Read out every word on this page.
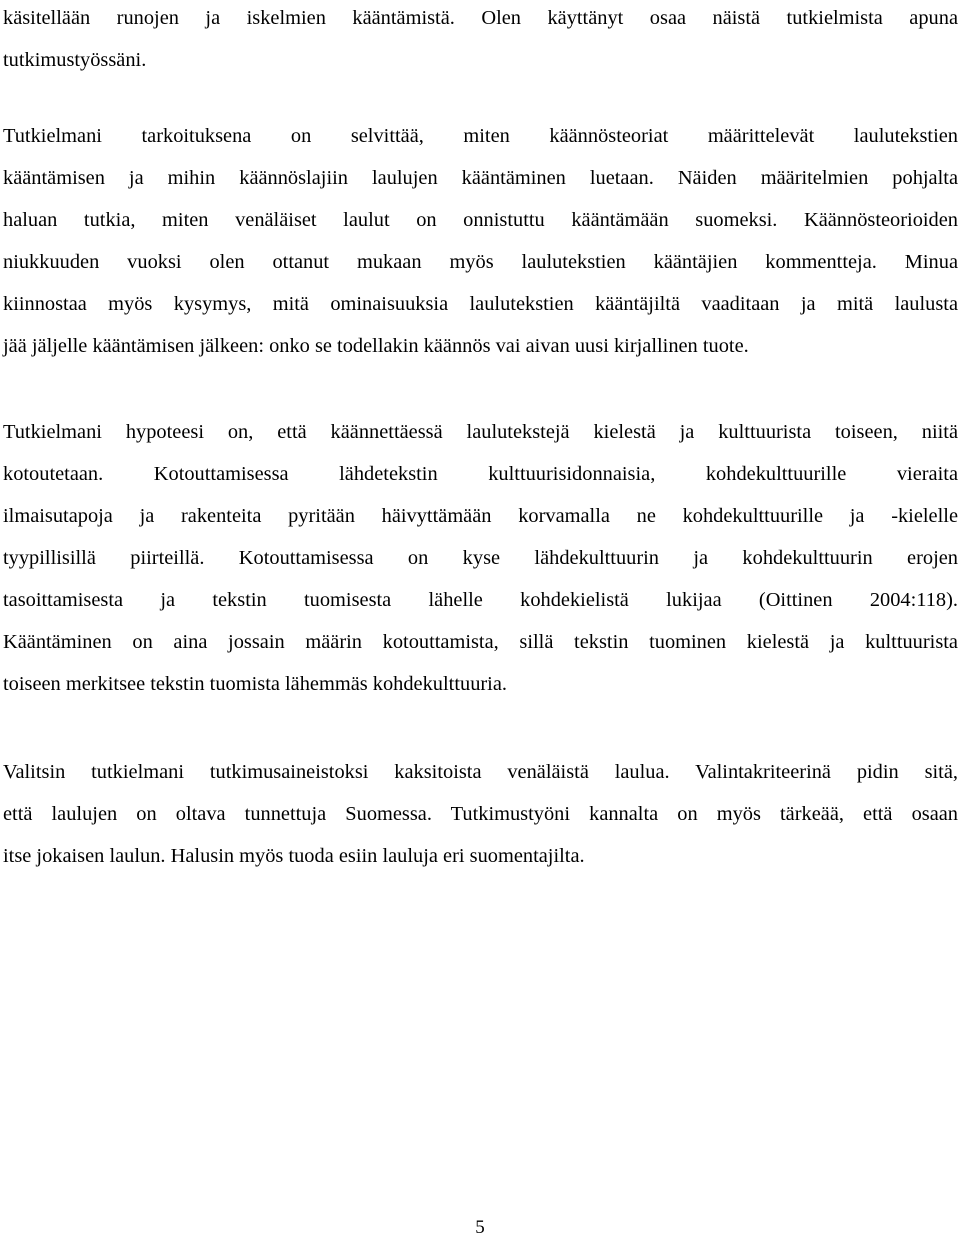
käsitellään runojen ja iskelmien kääntämistä. Olen käyttänyt osaa näistä tutkielmista apuna
tutkimustyössäni.
Tutkielmani tarkoituksena on selvittää, miten käännösteoriat määrittelevät laulutekstien
kääntämisen ja mihin käännöslajiin laulujen kääntäminen luetaan. Näiden määritelmien pohjalta
haluan tutkia, miten venäläiset laulut on onnistuttu kääntämään suomeksi. Käännösteorioiden
niukkuuden vuoksi olen ottanut mukaan myös laulutekstien kääntäjien kommentteja. Minua
kiinnostaa myös kysymys, mitä ominaisuuksia laulutekstien kääntäjiltä vaaditaan ja mitä laulusta
jää jäljelle kääntämisen jälkeen: onko se todellakin käännös vai aivan uusi kirjallinen tuote.
Tutkielmani hypoteesi on, että käännettäessä laulutekstejä kielestä ja kulttuurista toiseen, niitä
kotoutetaan. Kotouttamisessa lähdetekstin kulttuurisidonnaisia, kohdekulttuurille vieraita
ilmaisutapoja ja rakenteita pyritään häivyttämään korvamalla ne kohdekulttuurille ja -kielelle
tyypillisillä piirteillä. Kotouttamisessa on kyse lähdekulttuurin ja kohdekulttuurin erojen
tasoittamisesta ja tekstin tuomisesta lähelle kohdekielistä lukijaa (Oittinen 2004:118).
Kääntäminen on aina jossain määrin kotouttamista, sillä tekstin tuominen kielestä ja kulttuurista
toiseen merkitsee tekstin tuomista lähemmäs kohdekulttuuria.
Valitsin tutkielmani tutkimusaineistoksi kaksitoista venäläistä laulua. Valintakriteerinä pidin sitä,
että laulujen on oltava tunnettuja Suomessa. Tutkimustyöni kannalta on myös tärkeää, että osaan
itse jokaisen laulun. Halusin myös tuoda esiin lauluja eri suomentajilta.
5
